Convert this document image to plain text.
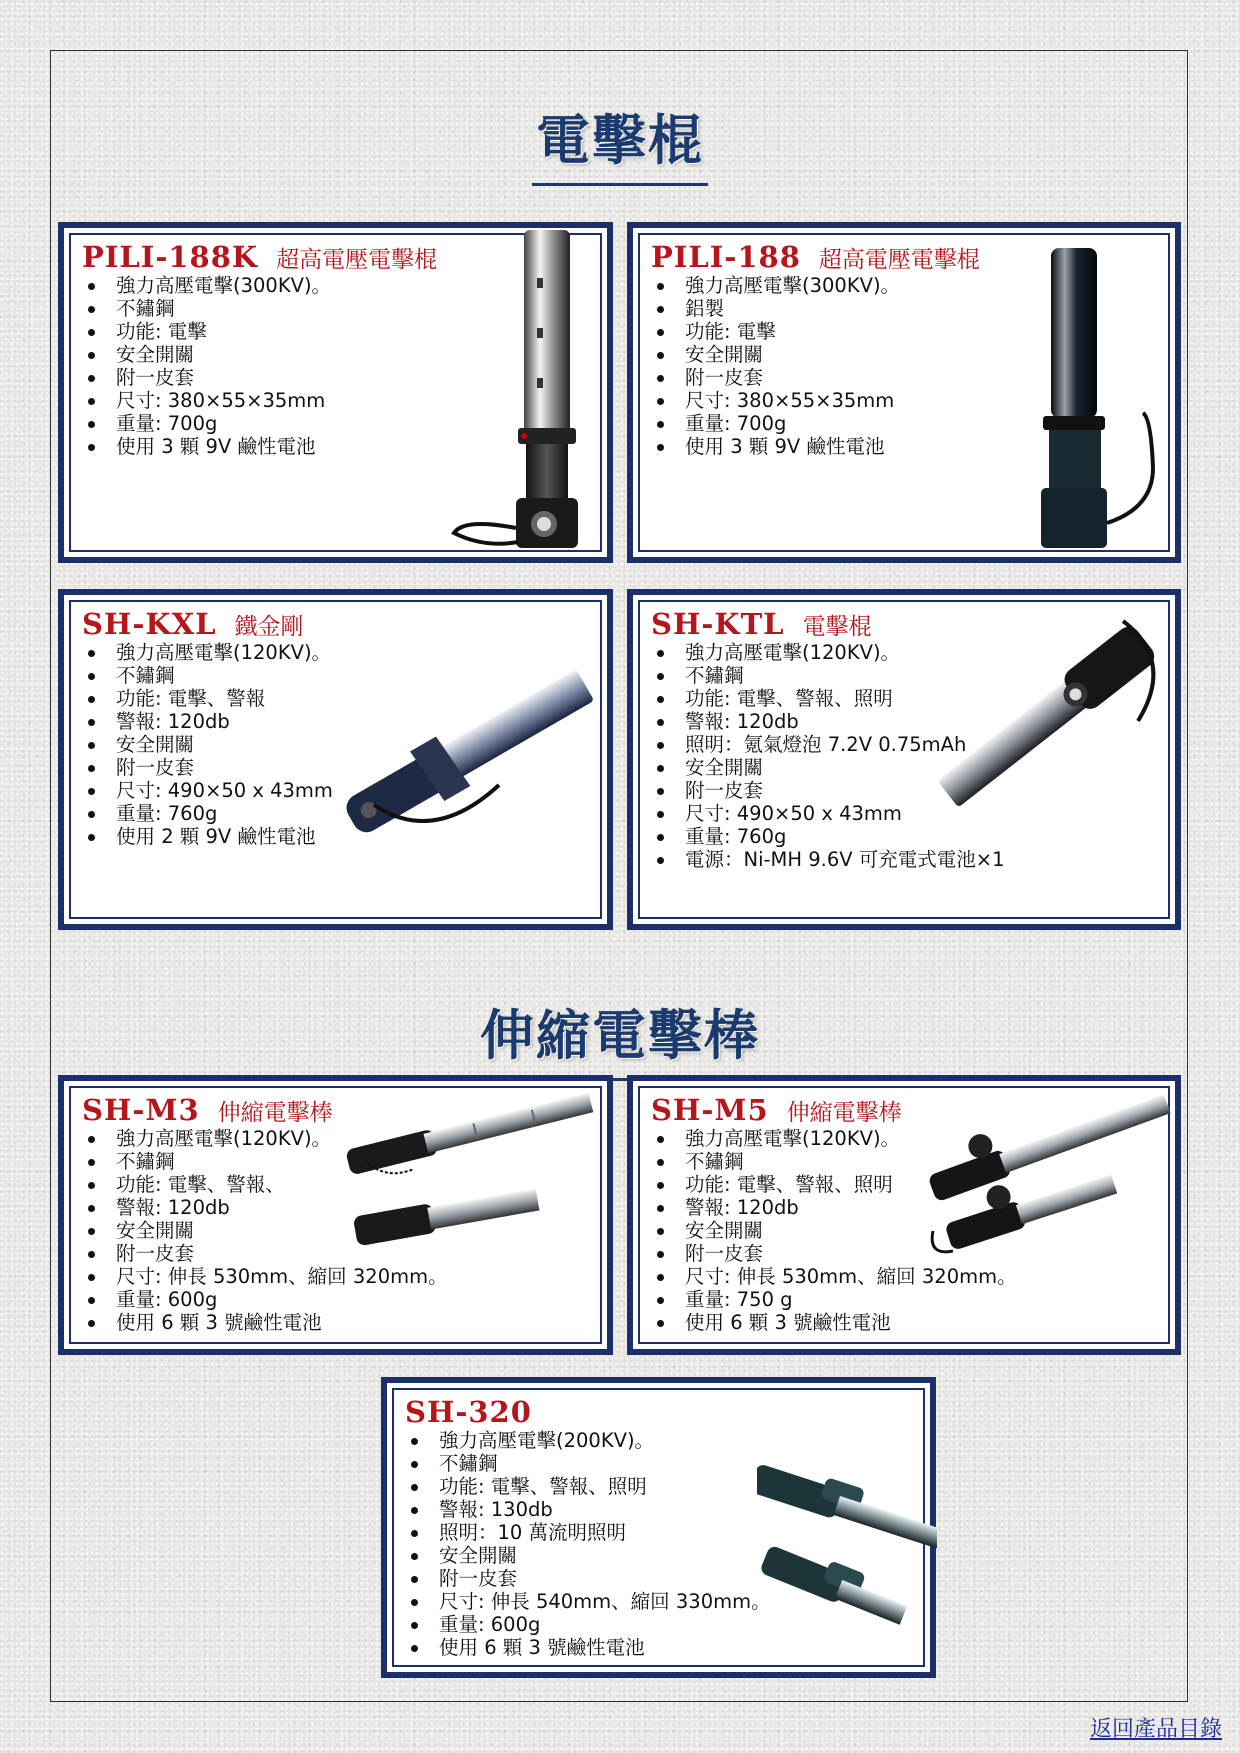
電擊棍
PILI-188K 超高電壓電擊棍
強力高壓電擊(300KV)。
不鏽鋼
功能: 電擊
安全開關
附一皮套
尺寸: 380×55×35mm
重量: 700g
使用 3 顆 9V 鹼性電池
PILI-188 超高電壓電擊棍
強力高壓電擊(300KV)。
鋁製
功能: 電擊
安全開關
附一皮套
尺寸: 380×55×35mm
重量: 700g
使用 3 顆 9V 鹼性電池
SH-KXL 鐵金剛
強力高壓電擊(120KV)。
不鏽鋼
功能: 電擊、警報
警報: 120db
安全開關
附一皮套
尺寸: 490×50 x 43mm
重量: 760g
使用 2 顆 9V 鹼性電池
SH-KTL 電擊棍
強力高壓電擊(120KV)。
不鏽鋼
功能: 電擊、警報、照明
警報: 120db
照明：氪氣燈泡 7.2V 0.75mAh
安全開關
附一皮套
尺寸: 490×50 x 43mm
重量: 760g
電源：Ni-MH 9.6V 可充電式電池×1
伸縮電擊棒
SH-M3 伸縮電擊棒
強力高壓電擊(120KV)。
不鏽鋼
功能: 電擊、警報、
警報: 120db
安全開關
附一皮套
尺寸: 伸長 530mm、縮回 320mm。
重量: 600g
使用 6 顆 3 號鹼性電池
SH-M5 伸縮電擊棒
強力高壓電擊(120KV)。
不鏽鋼
功能: 電擊、警報、照明
警報: 120db
安全開關
附一皮套
尺寸: 伸長 530mm、縮回 320mm。
重量: 750 g
使用 6 顆 3 號鹼性電池
SH-320
強力高壓電擊(200KV)。
不鏽鋼
功能: 電擊、警報、照明
警報: 130db
照明：10 萬流明照明
安全開關
附一皮套
尺寸: 伸長 540mm、縮回 330mm。
重量: 600g
使用 6 顆 3 號鹼性電池
返回產品目錄
